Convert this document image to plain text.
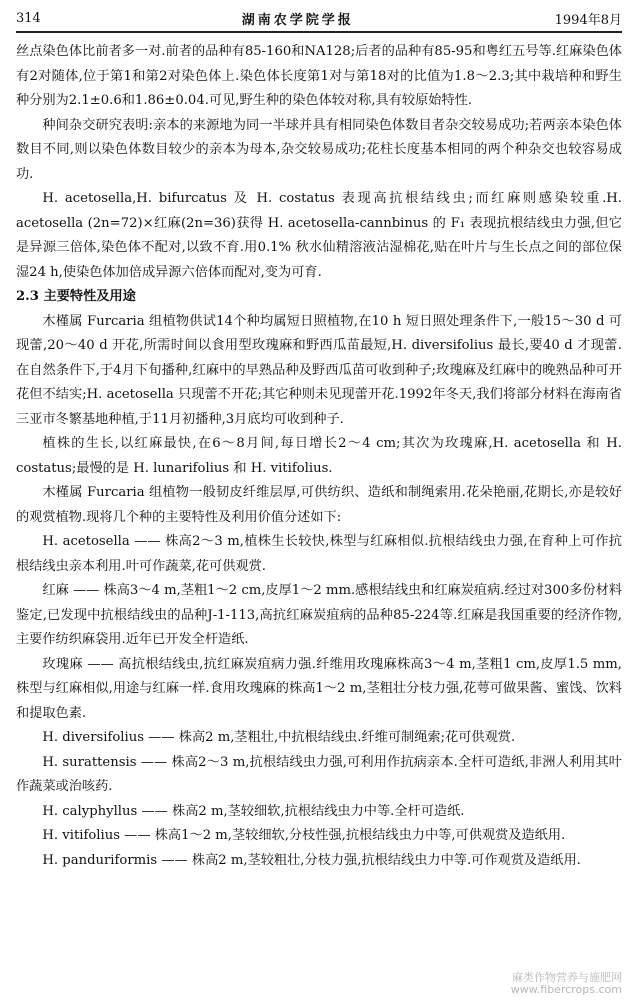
314	湖南农学院学报	1994年8月

丝点染色体比前者多一对.前者的品种有85-160和NA128;后者的品种有85-95和粤红五号等.红麻染色体有2对随体,位于第1和第2对染色体上.染色体长度第1对与第18对的比值为1.8～2.3;其中栽培种和野生种分别为2.1±0.6和1.86±0.04.可见,野生种的染色体较对称,具有较原始特性.

种间杂交研究表明:亲本的来源地为同一半球并具有相同染色体数目者杂交较易成功;若两亲本染色体数目不同,则以染色体数目较少的亲本为母本,杂交较易成功;花柱长度基本相同的两个种杂交也较容易成功.

H. acetosella,H. bifurcatus 及 H. costatus 表现高抗根结线虫;而红麻则感染较重.H. acetosella (2n=72)×红麻(2n=36)获得 H. acetosella-cannbinus 的 F₁ 表现抗根结线虫力强,但它是异源三倍体,染色体不配对,以致不育.用0.1% 秋水仙精溶液沾湿棉花,贴在叶片与生长点之间的部位保湿24 h,使染色体加倍成异源六倍体而配对,变为可育.

2.3 主要特性及用途

木槿属 Furcaria 组植物供试14个种均属短日照植物,在10 h 短日照处理条件下,一般15～30 d 可现蕾,20～40 d 开花,所需时间以食用型玫瑰麻和野西瓜苗最短,H. diversifolius 最长,要40 d 才现蕾.在自然条件下,于4月下旬播种,红麻中的早熟品种及野西瓜苗可收到种子;玫瑰麻及红麻中的晚熟品种可开花但不结实;H. acetosella 只现蕾不开花;其它种则未见现蕾开花.1992年冬天,我们将部分材料在海南省三亚市冬繁基地种植,于11月初播种,3月底均可收到种子.

植株的生长,以红麻最快,在6～8月间,每日增长2～4 cm;其次为玫瑰麻,H. acetosella 和 H. costatus;最慢的是 H. lunarifolius 和 H. vitifolius.

木槿属 Furcaria 组植物一般韧皮纤维层厚,可供纺织、造纸和制绳索用.花朵艳丽,花期长,亦是较好的观赏植物.现将几个种的主要特性及利用价值分述如下:

H. acetosella —— 株高2～3 m,植株生长较快,株型与红麻相似.抗根结线虫力强,在育种上可作抗根结线虫亲本利用.叶可作蔬菜,花可供观赏.

红麻 —— 株高3～4 m,茎粗1～2 cm,皮厚1～2 mm.感根结线虫和红麻炭疽病.经过对300多份材料鉴定,已发现中抗根结线虫的品种J-1-113,高抗红麻炭疽病的品种85-224等.红麻是我国重要的经济作物,主要作纺织麻袋用.近年已开发全杆造纸.

玫瑰麻 —— 高抗根结线虫,抗红麻炭疽病力强.纤维用玫瑰麻株高3～4 m,茎粗1 cm,皮厚1.5 mm,株型与红麻相似,用途与红麻一样.食用玫瑰麻的株高1～2 m,茎粗壮分枝力强,花萼可做果酱、蜜饯、饮料和提取色素.

H. diversifolius —— 株高2 m,茎粗壮,中抗根结线虫.纤维可制绳索;花可供观赏.

H. surattensis —— 株高2～3 m,抗根结线虫力强,可利用作抗病亲本.全杆可造纸,非洲人利用其叶作蔬菜或治咳药.

H. calyphyllus —— 株高2 m,茎较细软,抗根结线虫力中等.全杆可造纸.

H. vitifolius —— 株高1～2 m,茎较细软,分枝性强,抗根结线虫力中等,可供观赏及造纸用.

H. panduriformis —— 株高2 m,茎较粗壮,分枝力强,抗根结线虫力中等.可作观赏及造纸用.

麻类作物营养与施肥网
www.fibercrops.com
